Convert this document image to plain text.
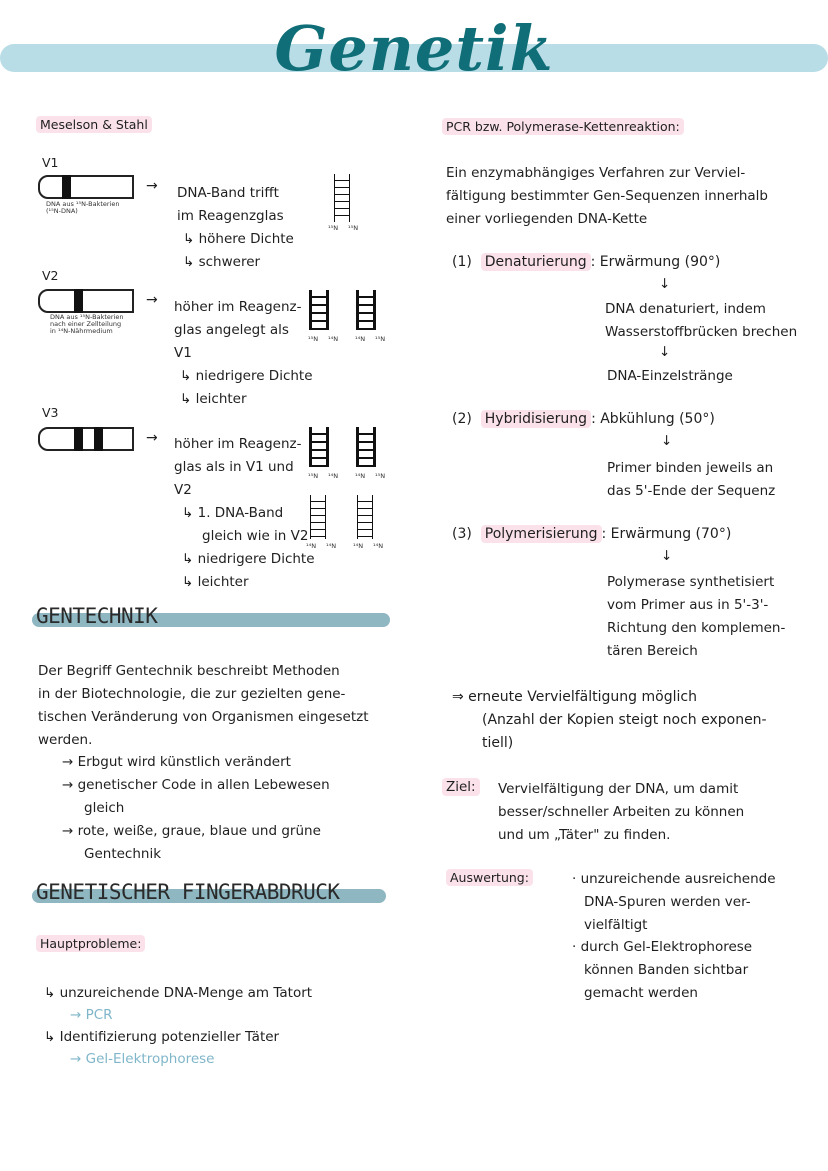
Genetik
Meselson & Stahl
V1
DNA aus ¹⁵N-Bakterien
(¹⁵N-DNA)
→ DNA-Band trifft
im Reagenzglas
↳ höhere Dichte
↳ schwerer
¹⁵N ¹⁵N
V2
DNA aus ¹⁵N-Bakterien
nach einer Zellteilung
in ¹⁴N-Nährmedium
→ höher im Reagenz-
glas angelegt als
V1
↳ niedrigere Dichte
↳ leichter
¹⁵N ¹⁴N	¹⁴N ¹⁵N
V3
→ höher im Reagenz-
glas als in V1 und
V2
↳ 1. DNA-Band
gleich wie in V2
↳ niedrigere Dichte
↳ leichter
¹⁵N ¹⁴N	¹⁴N ¹⁵N
¹⁴N ¹⁴N	¹⁴N ¹⁴N
GENTECHNIK
Der Begriff Gentechnik beschreibt Methoden
in der Biotechnologie, die zur gezielten gene-
tischen Veränderung von Organismen eingesetzt
werden.
→ Erbgut wird künstlich verändert
→ genetischer Code in allen Lebewesen
gleich
→ rote, weiße, graue, blaue und grüne
Gentechnik
GENETISCHER FINGERABDRUCK
Hauptprobleme:
↳ unzureichende DNA-Menge am Tatort
→ PCR
↳ Identifizierung potenzieller Täter
→ Gel-Elektrophorese
PCR bzw. Polymerase-Kettenreaktion:
Ein enzymabhängiges Verfahren zur Verviel-
fältigung bestimmter Gen-Sequenzen innerhalb
einer vorliegenden DNA-Kette
(1) Denaturierung : Erwärmung (90°)
↓
DNA denaturiert, indem
Wasserstoffbrücken brechen
↓
DNA-Einzelstränge
(2) Hybridisierung : Abkühlung (50°)
↓
Primer binden jeweils an
das 5'-Ende der Sequenz
(3) Polymerisierung : Erwärmung (70°)
↓
Polymerase synthetisiert
vom Primer aus in 5'-3'-
Richtung den komplemen-
tären Bereich
⇒ erneute Vervielfältigung möglich
(Anzahl der Kopien steigt noch exponen-
tiell)
Ziel: Vervielfältigung der DNA, um damit
besser/schneller Arbeiten zu können
und um „Täter" zu finden.
Auswertung:	· unzureichende ausreichende
DNA-Spuren werden ver-
vielfältigt
· durch Gel-Elektrophorese
können Banden sichtbar
gemacht werden
